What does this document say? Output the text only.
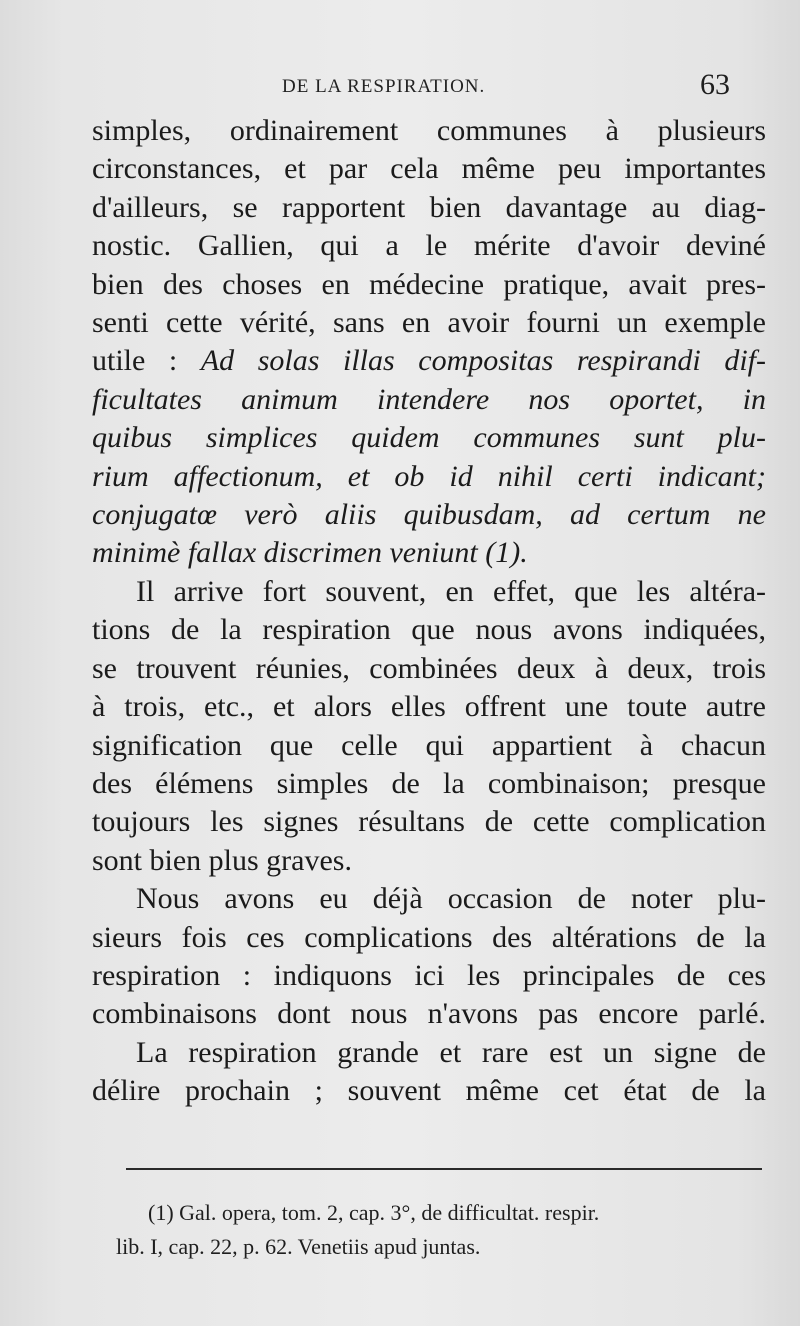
DE LA RESPIRATION.	63
simples, ordinairement communes à plusieurs
circonstances, et par cela même peu importantes
d'ailleurs, se rapportent bien davantage au diag-
nostic. Gallien, qui a le mérite d'avoir deviné
bien des choses en médecine pratique, avait pres-
senti cette vérité, sans en avoir fourni un exemple
utile : Ad solas illas compositas respirandi dif-
ficultates animum intendere nos oportet, in
quibus simplices quidem communes sunt plu-
rium affectionum, et ob id nihil certi indicant;
conjugatœ verò aliis quibusdam, ad certum ne
minimè fallax discrimen veniunt (1).
Il arrive fort souvent, en effet, que les altéra-
tions de la respiration que nous avons indiquées,
se trouvent réunies, combinées deux à deux, trois
à trois, etc., et alors elles offrent une toute autre
signification que celle qui appartient à chacun
des élémens simples de la combinaison; presque
toujours les signes résultans de cette complication
sont bien plus graves.
Nous avons eu déjà occasion de noter plu-
sieurs fois ces complications des altérations de la
respiration : indiquons ici les principales de ces
combinaisons dont nous n'avons pas encore parlé.
La respiration grande et rare est un signe de
délire prochain ; souvent même cet état de la
(1) Gal. opera, tom. 2, cap. 3°, de difficultat. respir.
lib. I, cap. 22, p. 62. Venetiis apud juntas.
